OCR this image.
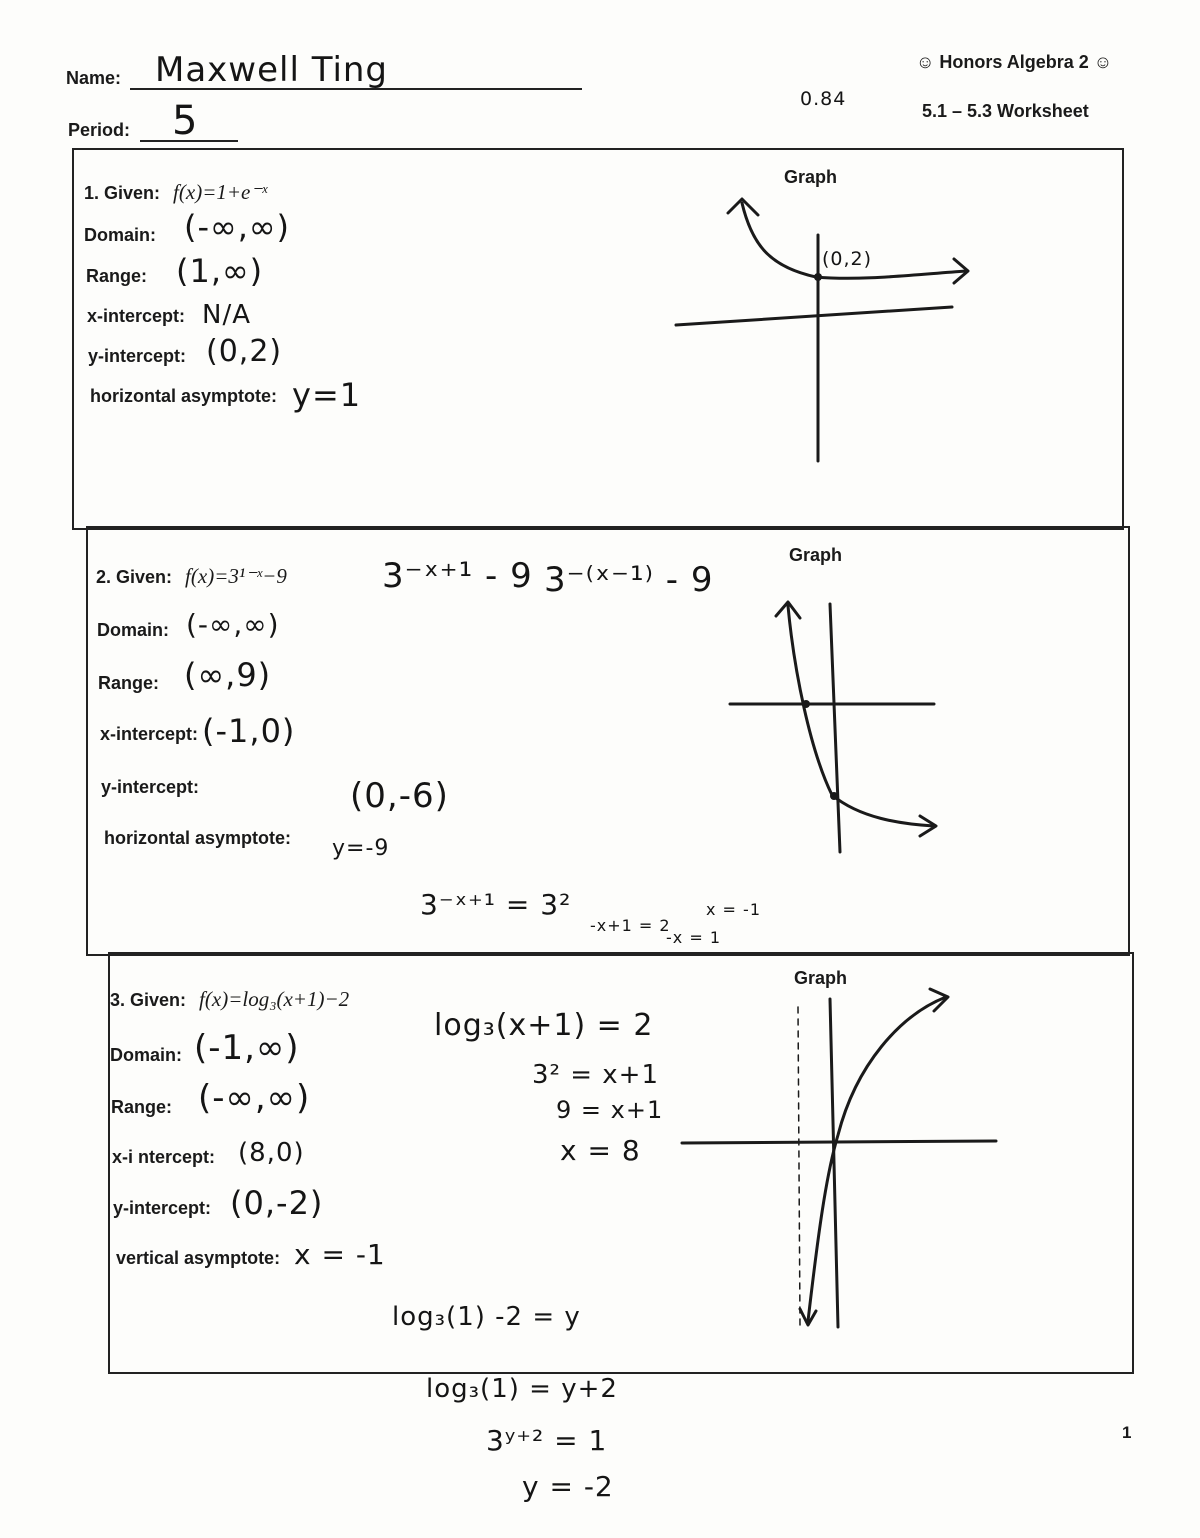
Name: Maxwell Ting
Period: 5	0.84
☺ Honors Algebra 2 ☺
5.1 – 5.3 Worksheet
1. Given: f(x)=1+e⁻ˣ
Domain: (-∞,∞)
Range: (1,∞)
x-intercept: N/A
y-intercept: (0,2)
horizontal asymptote: y=1
Graph
(0,2)
2. Given: f(x)=3¹⁻ˣ−9	3⁻ˣ⁺¹ - 9 3⁻⁽ˣ⁻¹⁾ - 9
Domain: (-∞,∞)
Range: (∞,9)
x-intercept: (-1,0)
y-intercept:	(0,-6)
horizontal asymptote: y=-9
3⁻ˣ⁺¹ = 3²
-x+1 = 2
-x = 1
x = -1
Graph
3. Given: f(x)=log₃(x+1)−2
Domain: (-1,∞)
Range: (-∞,∞)
x-i ntercept: (8,0)
y-intercept: (0,-2)
vertical asymptote: x = -1
log₃(x+1) = 2
3² = x+1
9 = x+1
x = 8
log₃(1) -2 = y
Graph
log₃(1) = y+2
3ʸ⁺² = 1
y = -2
1
